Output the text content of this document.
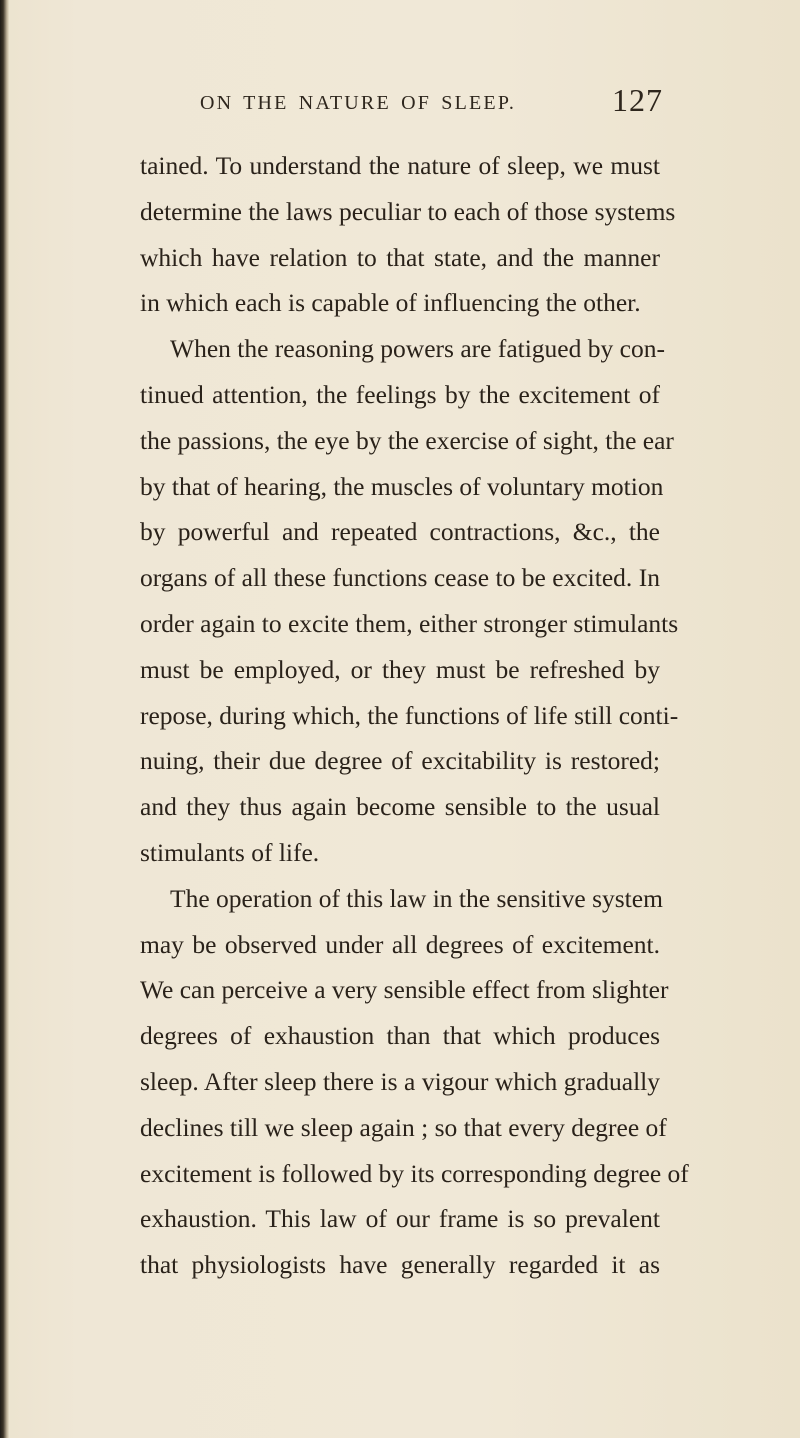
ON THE NATURE OF SLEEP.	127
tained. To understand the nature of sleep, we must
determine the laws peculiar to each of those systems
which have relation to that state, and the manner
in which each is capable of influencing the other.
When the reasoning powers are fatigued by con-
tinued attention, the feelings by the excitement of
the passions, the eye by the exercise of sight, the ear
by that of hearing, the muscles of voluntary motion
by powerful and repeated contractions, &c., the
organs of all these functions cease to be excited. In
order again to excite them, either stronger stimulants
must be employed, or they must be refreshed by
repose, during which, the functions of life still conti-
nuing, their due degree of excitability is restored;
and they thus again become sensible to the usual
stimulants of life.
The operation of this law in the sensitive system
may be observed under all degrees of excitement.
We can perceive a very sensible effect from slighter
degrees of exhaustion than that which produces
sleep. After sleep there is a vigour which gradually
declines till we sleep again ; so that every degree of
excitement is followed by its corresponding degree of
exhaustion. This law of our frame is so prevalent
that physiologists have generally regarded it as
